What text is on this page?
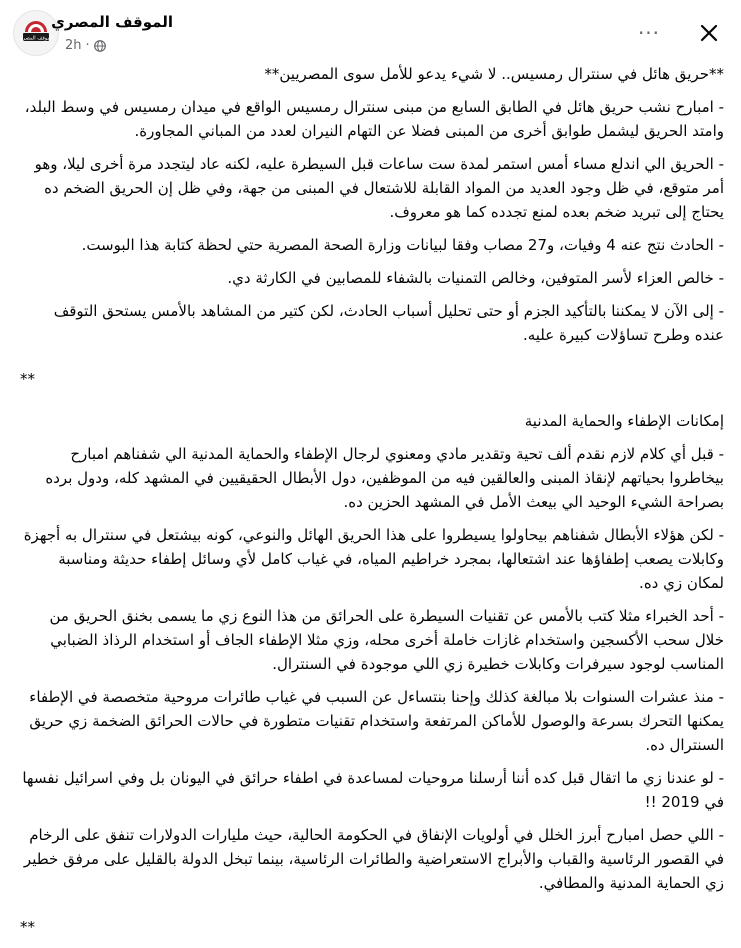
···
الموقف المصري
الموقف المصري
2h ·

**حريق هائل في سنترال رمسيس.. لا شيء يدعو للأمل سوى المصريين**

- امبارح نشب حريق هائل في الطابق السابع من مبنى سنترال رمسيس الواقع في ميدان رمسيس في وسط البلد، وامتد الحريق ليشمل طوابق أخرى من المبنى فضلا عن التهام النيران لعدد من المباني المجاورة.

- الحريق الي اندلع مساء أمس استمر لمدة ست ساعات قبل السيطرة عليه، لكنه عاد ليتجدد مرة أخرى ليلا، وهو أمر متوقع، في ظل وجود العديد من المواد القابلة للاشتعال في المبنى من جهة، وفي ظل إن الحريق الضخم ده يحتاج إلى تبريد ضخم بعده لمنع تجدده كما هو معروف.

- الحادث نتج عنه 4 وفيات، و27 مصاب وفقا لبيانات وزارة الصحة المصرية حتي لحظة كتابة هذا البوست.

- خالص العزاء لأسر المتوفين، وخالص التمنيات بالشفاء للمصابين في الكارثة دي.

- إلى الآن لا يمكننا بالتأكيد الجزم أو حتى تحليل أسباب الحادث، لكن كتير من المشاهد بالأمس يستحق التوقف عنده وطرح تساؤلات كبيرة عليه.

**

إمكانات الإطفاء والحماية المدنية

- قبل أي كلام لازم نقدم ألف تحية وتقدير مادي ومعنوي لرجال الإطفاء والحماية المدنية الي شفناهم امبارح بيخاطروا بحياتهم لإنقاذ المبنى والعالقين فيه من الموظفين، دول الأبطال الحقيقيين في المشهد كله، ودول برده بصراحة الشيء الوحيد الي بيعث الأمل في المشهد الحزين ده.

- لكن هؤلاء الأبطال شفناهم بيحاولوا يسيطروا على هذا الحريق الهائل والنوعي، كونه بيشتعل في سنترال به أجهزة وكابلات يصعب إطفاؤها عند اشتعالها، بمجرد خراطيم المياه، في غياب كامل لأي وسائل إطفاء حديثة ومناسبة لمكان زي ده.

- أحد الخبراء مثلا كتب بالأمس عن تقنيات السيطرة على الحرائق من هذا النوع زي ما يسمى بخنق الحريق من خلال سحب الأكسجين واستخدام غازات خاملة أخرى محله، وزي مثلا الإطفاء الجاف أو استخدام الرذاذ الضبابي المناسب لوجود سيرفرات وكابلات خطيرة زي اللي موجودة في السنترال.

- منذ عشرات السنوات بلا مبالغة كذلك وإحنا بنتساءل عن السبب في غياب طائرات مروحية متخصصة في الإطفاء يمكنها التحرك بسرعة والوصول للأماكن المرتفعة واستخدام تقنيات متطورة في حالات الحرائق الضخمة زي حريق السنترال ده.

- لو عندنا زي ما اتقال قبل كده أننا أرسلنا مروحيات لمساعدة في اطفاء حرائق في اليونان بل وفي اسرائيل نفسها في 2019 !!

- اللي حصل امبارح أبرز الخلل في أولويات الإنفاق في الحكومة الحالية، حيث مليارات الدولارات تنفق على الرخام في القصور الرئاسية والقباب والأبراج الاستعراضية والطائرات الرئاسية، بينما تبخل الدولة بالقليل على مرفق خطير زي الحماية المدنية والمطافي.

**
